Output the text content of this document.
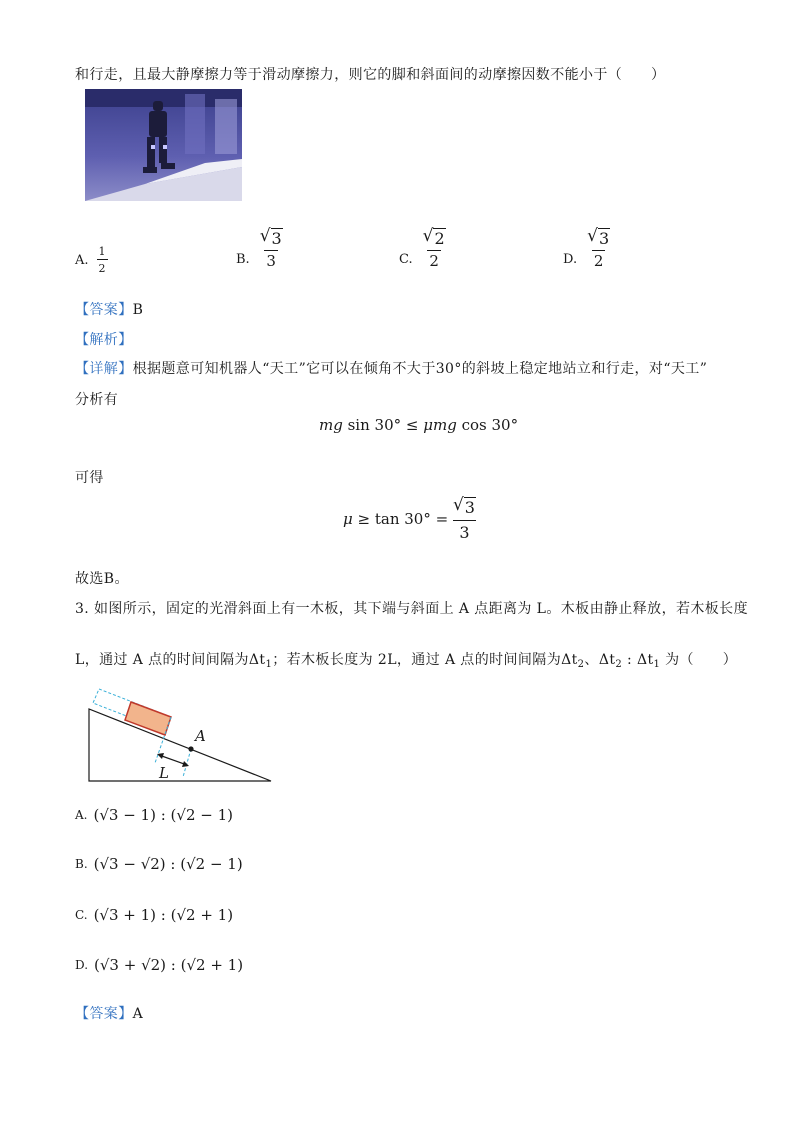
和行走，且最大静摩擦力等于滑动摩擦力，则它的脚和斜面间的动摩擦因数不能小于（　　）
A. $\frac{1}{2}$	B. $\frac{√ 3}{3}$	C. $\frac{√ 2}{2}$	D. $\frac{√ 3}{2}$
【答案】B
【解析】
【详解】根据题意可知机器人“天工”它可以在倾角不大于30°的斜坡上稳定地站立和行走，对“天工”
分析有
mg sin 30° ≤ μmg cos 30°
可得
$\mu \ge \tan 30^\circ = \frac{√ 3}{3}$
故选B。
3. 如图所示，固定的光滑斜面上有一木板，其下端与斜面上 A 点距离为 L。木板由静止释放，若木板长度
L，通过 A 点的时间间隔为$\Delta t_1$；若木板长度为 2L，通过 A 点的时间间隔为$\Delta t_2$、$\Delta t_2$ : $\Delta t_1$ 为（　　）
A
L
A. (√3 − 1) : (√2 − 1)
B. (√3 − √2) : (√2 − 1)
C. (√3 + 1) : (√2 + 1)
D. (√3 + √2) : (√2 + 1)
【答案】A
